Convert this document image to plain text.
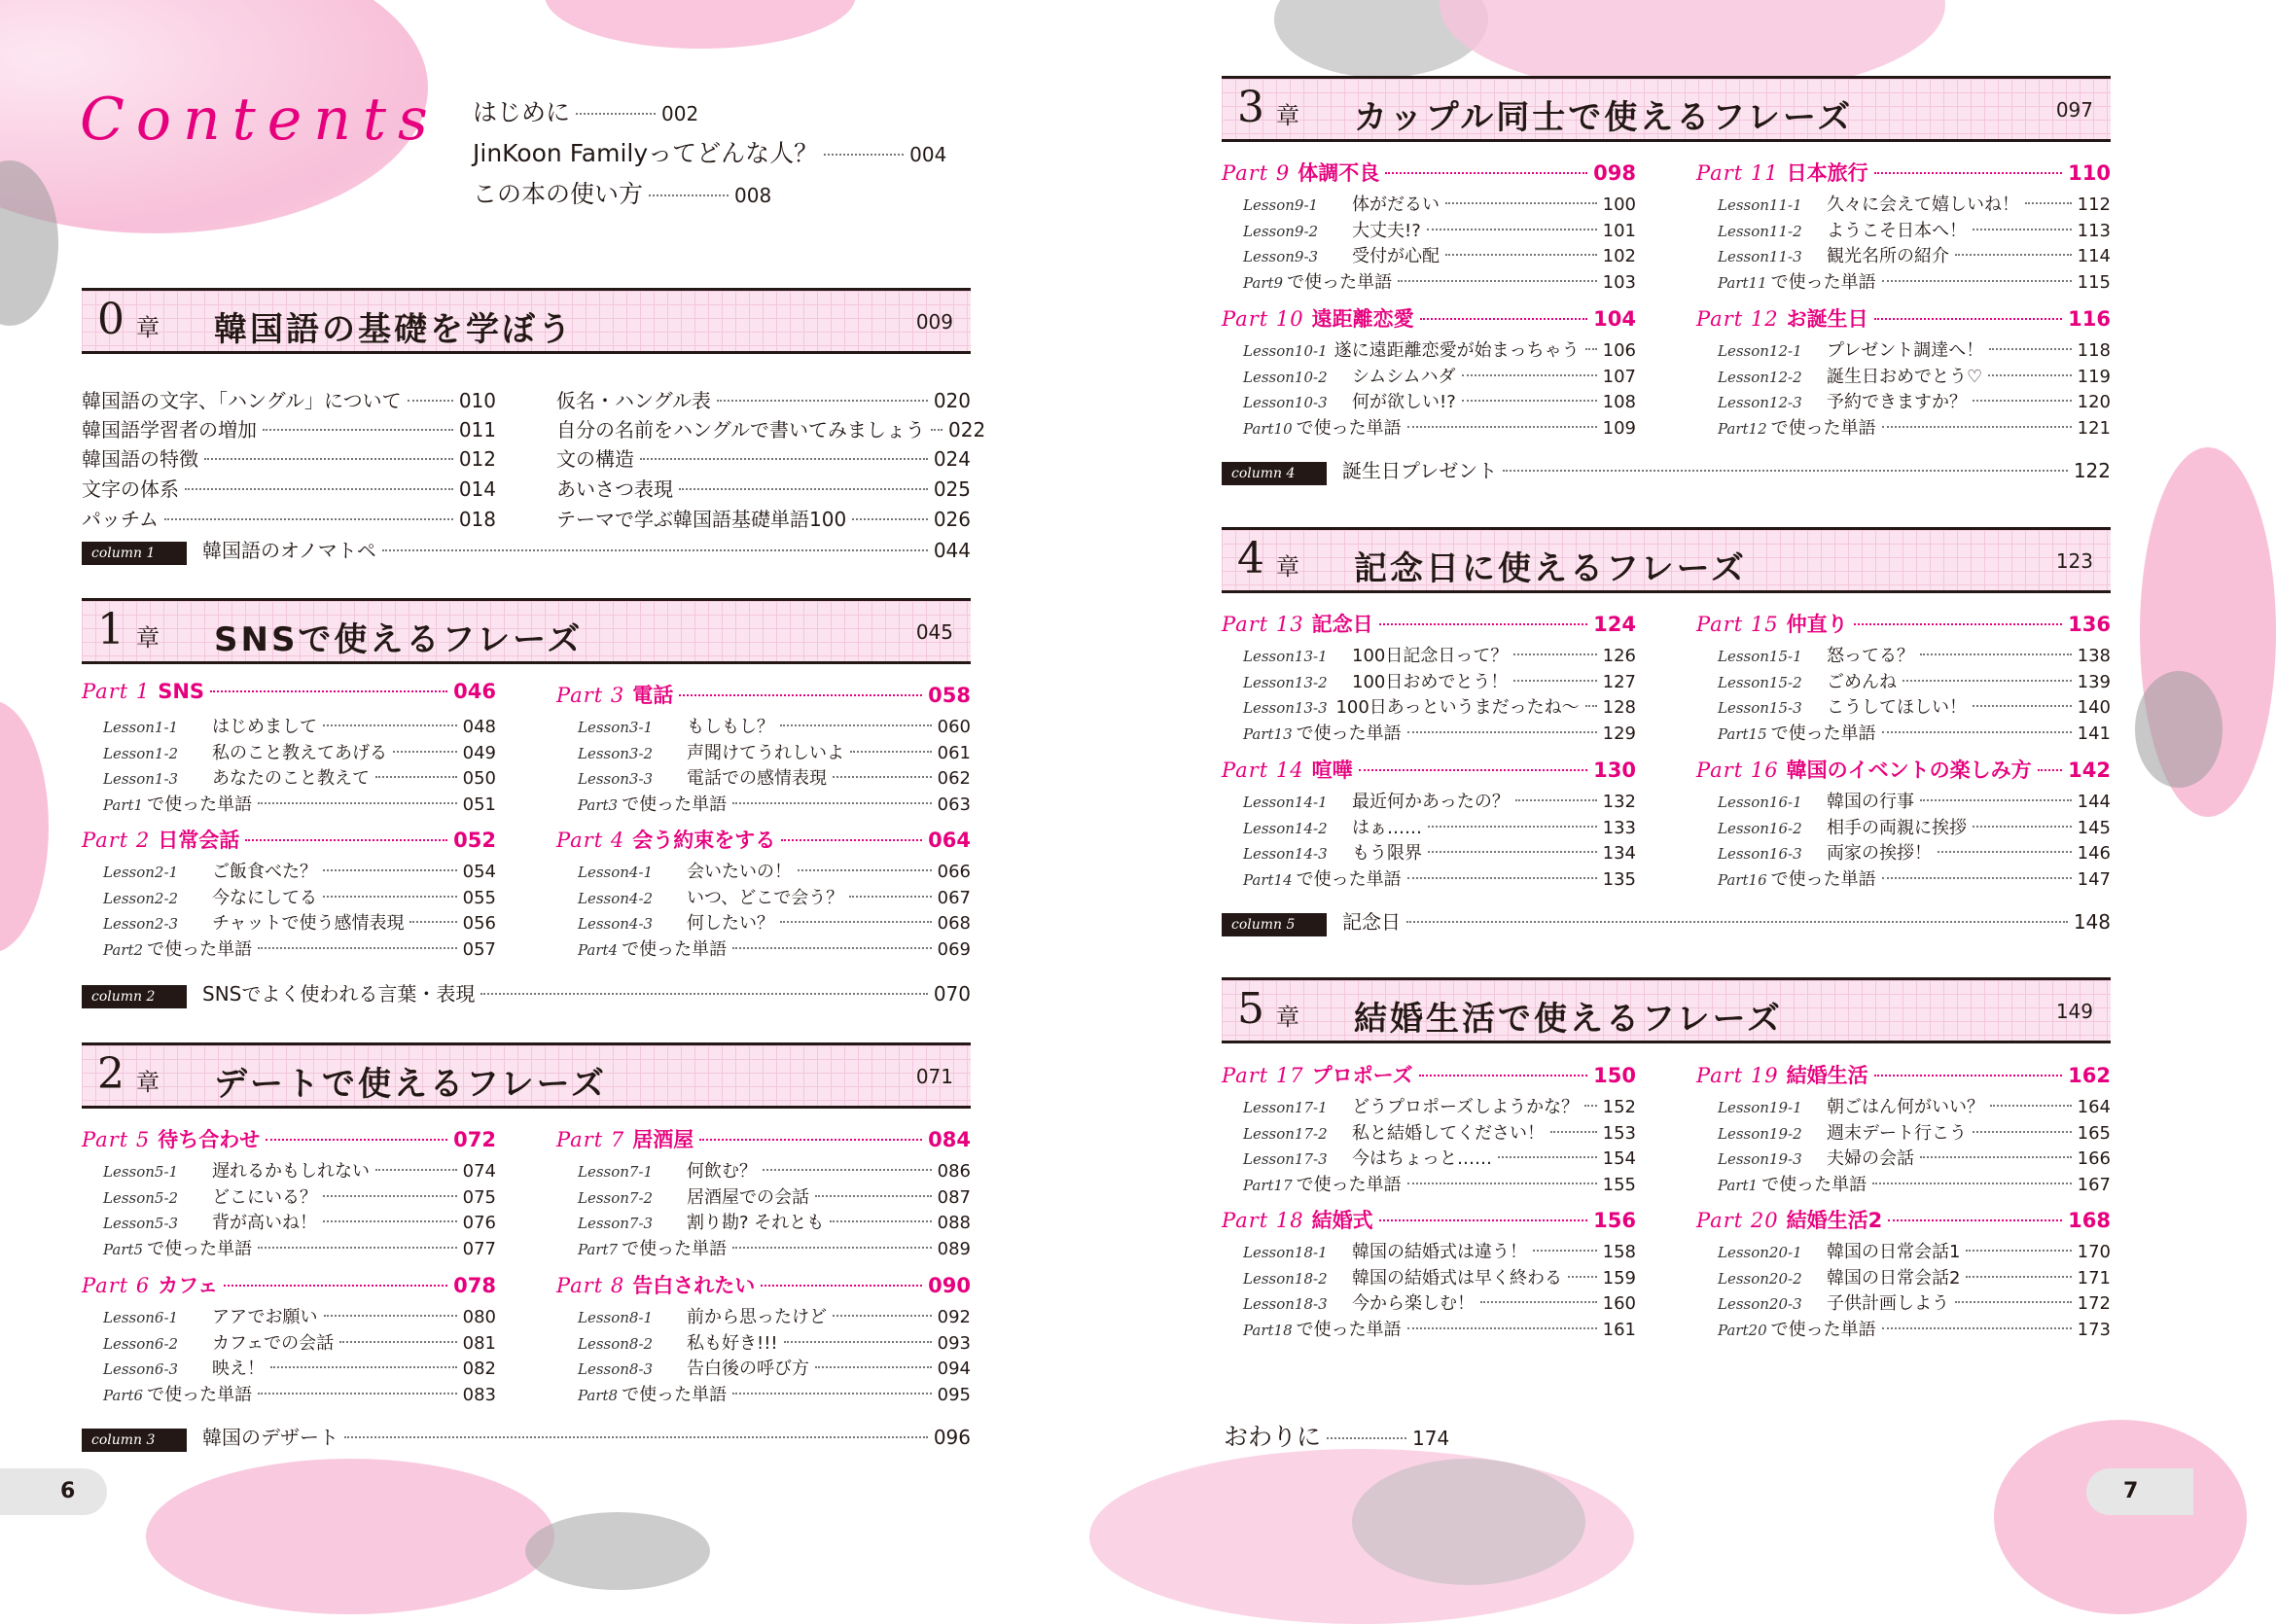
Contents はじめに	002
JinKoon Familyってどんな人？	004
この本の使い方	008
0 章 韓国語の基礎を学ぼう	009
1 章 SNSで使えるフレーズ	045
2 章 デートで使えるフレーズ	071
3 章 カップル同士で使えるフレーズ	097
4 章 記念日に使えるフレーズ	123
5 章 結婚生活で使えるフレーズ	149
韓国語の文字、「ハングル」について	010
韓国語学習者の増加	011
韓国語の特徴	012
文字の体系	014
パッチム	018
仮名・ハングル表	020
自分の名前をハングルで書いてみましょう 022
文の構造	024
あいさつ表現	025
テーマで学ぶ韓国語基礎単語100	026
column 1	韓国語のオノマトペ	044
column 2	SNSでよく使われる言葉・表現	070
column 3	韓国のデザート	096
column 4	誕生日プレゼント	122
column 5	記念日	148
Part 1 SNS	046
Lesson1-1	はじめまして	048
Lesson1-2	私のこと教えてあげる	049
Lesson1-3	あなたのこと教えて	050
Part1 で使った単語	051
Part 2 日常会話	052
Lesson2-1	ご飯食べた？	054
Lesson2-2	今なにしてる	055
Lesson2-3	チャットで使う感情表現	056
Part2 で使った単語	057
Part 3 電話	058
Lesson3-1	もしもし？	060
Lesson3-2	声聞けてうれしいよ	061
Lesson3-3	電話での感情表現	062
Part3 で使った単語	063
Part 4 会う約束をする	064
Lesson4-1	会いたいの！	066
Lesson4-2	いつ、どこで会う？	067
Lesson4-3	何したい？	068
Part4 で使った単語	069
Part 5 待ち合わせ	072
Lesson5-1	遅れるかもしれない	074
Lesson5-2	どこにいる？	075
Lesson5-3	背が高いね！	076
Part5 で使った単語	077
Part 6 カフェ	078
Lesson6-1	アアでお願い	080
Lesson6-2	カフェでの会話	081
Lesson6-3	映え！	082
Part6 で使った単語	083
Part 7 居酒屋	084
Lesson7-1	何飲む？	086
Lesson7-2	居酒屋での会話	087
Lesson7-3	割り勘? それとも	088
Part7 で使った単語	089
Part 8 告白されたい	090
Lesson8-1	前から思ったけど	092
Lesson8-2	私も好き!!!	093
Lesson8-3	告白後の呼び方	094
Part8 で使った単語	095
Part 9 体調不良	098
Lesson9-1	体がだるい	100
Lesson9-2	大丈夫!?	101
Lesson9-3	受付が心配	102
Part9 で使った単語	103
Part 10 遠距離恋愛	104
Lesson10-1 遂に遠距離恋愛が始まっちゃう 106
Lesson10-2	シムシムハダ	107
Lesson10-3	何が欲しい!?	108
Part10 で使った単語	109
Part 11 日本旅行	110
Lesson11-1	久々に会えて嬉しいね！	112
Lesson11-2	ようこそ日本へ！	113
Lesson11-3	観光名所の紹介	114
Part11 で使った単語	115
Part 12 お誕生日	116
Lesson12-1	プレゼント調達へ！	118
Lesson12-2	誕生日おめでとう♡	119
Lesson12-3	予約できますか？	120
Part12 で使った単語	121
Part 13 記念日	124
Lesson13-1	100日記念日って？	126
Lesson13-2	100日おめでとう！	127
Lesson13-3 100日あっというまだったね～ 128
Part13 で使った単語	129
Part 14 喧嘩	130
Lesson14-1	最近何かあったの？	132
Lesson14-2	はぁ……	133
Lesson14-3	もう限界	134
Part14 で使った単語	135
Part 15 仲直り	136
Lesson15-1	怒ってる？	138
Lesson15-2	ごめんね	139
Lesson15-3	こうしてほしい！	140
Part15 で使った単語	141
Part 16 韓国のイベントの楽しみ方 142
Lesson16-1	韓国の行事	144
Lesson16-2	相手の両親に挨拶	145
Lesson16-3	両家の挨拶！	146
Part16 で使った単語	147
Part 17 プロポーズ	150
Lesson17-1	どうプロポーズしようかな？ 152
Lesson17-2	私と結婚してください！	153
Lesson17-3	今はちょっと……	154
Part17 で使った単語	155
Part 18 結婚式	156
Lesson18-1	韓国の結婚式は違う！	158
Lesson18-2	韓国の結婚式は早く終わる 159
Lesson18-3	今から楽しむ！	160
Part18 で使った単語	161
Part 19 結婚生活	162
Lesson19-1	朝ごはん何がいい？	164
Lesson19-2	週末デート行こう	165
Lesson19-3	夫婦の会話	166
Part1 で使った単語	167
Part 20 結婚生活2	168
Lesson20-1	韓国の日常会話1	170
Lesson20-2	韓国の日常会話2	171
Lesson20-3	子供計画しよう	172
Part20 で使った単語	173
おわりに	174
6	7
